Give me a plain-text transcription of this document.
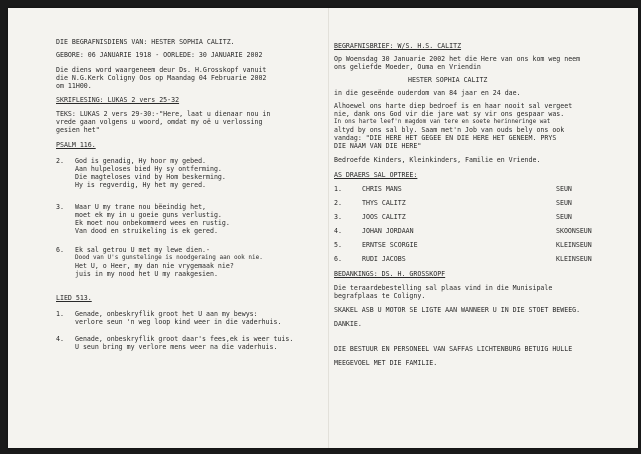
DIE BEGRAFNISDIENS VAN: HESTER SOPHIA CALITZ.
GEBORE: 06 JANUARIE 1918 - OORLEDE: 30 JANUARIE 2002
Die diens word waargeneem deur Ds. H.Grosskopf vanuit
die N.G.Kerk Coligny Oos op Maandag 04 Februarie 2002
om 11H00.
SKRIFLESING: LUKAS 2 vers 25-32
TEKS: LUKAS 2 vers 29-30:-"Here, laat u dienaar nou in
vrede gaan volgens u woord, omdat my oë u verlossing
gesien het"
PSALM 116.
2. God is genadig, Hy hoor my gebed.
Aan hulpeloses bied Hy sy ontferming.
Die magteloses vind by Hom beskerming.
Hy is regverdig, Hy het my gered.
3. Waar U my trane nou bëeindig het,
moet ek my in u goeie guns verlustig.
Ek moet nou onbekommerd wees en rustig.
Van dood en struikeling is ek gered.
6. Ek sal getrou U met my lewe dien.-
Dood van U's gunstelinge is noodgeraing aan ook nie.
Het U, o Heer, my dan nie vrygemaak nie?
juis in my nood het U my raakgesien.
LIED 513.
1. Genade, onbeskryflik groot het U aan my bewys:
verlore seun 'n weg loop kind weer in die vaderhuis.
4. Genade, onbeskryflik groot daar's fees,ek is weer tuis.
U seun bring my verlore mens weer na die vaderhuis.
BEGRAFNISBRIEF: W/S. H.S. CALITZ
Op Woensdag 30 Januarie 2002 het die Here van ons kom weg neem
ons geliefde Moeder, Ouma en Vriendin
HESTER SOPHIA CALITZ
in die geseënde ouderdom van 84 jaar en 24 dae.
Alhoewel ons harte diep bedroef is en haar nooit sal vergeet
nie, dank ons God vir die jare wat sy vir ons gespaar was.
In ons harte leef'n magdom van tere en soete herinneringe wat
altyd by ons sal bly. Saam met'n Job van ouds bely ons ook
vandag: "DIE HERE HET GEGEE EN DIE HERE HET GENEEM. PRYS
DIE NAAM VAN DIE HERE"
Bedroefde Kinders, Kleinkinders, Familie en Vriende.
AS DRAERS SAL OPTREE:
1.	CHRIS MANS	SEUN
2.	THYS CALITZ	SEUN
3.	JOOS CALITZ	SEUN
4.	JOHAN JORDAAN	SKOONSEUN
5.	ERNTSE SCORGIE	KLEINSEUN
6.	RUDI JACOBS	KLEINSEUN
BEDANKINGS: DS. H. GROSSKOPF
Die teraardebestelling sal plaas vind in die Munisipale
begrafplaas te Coligny.
SKAKEL ASB U MOTOR SE LIGTE AAN WANNEER U IN DIE STOET BEWEEG.
DANKIE.
DIE BESTUUR EN PERSONEEL VAN SAFFAS LICHTENBURG BETUIG HULLE
MEEGEVOEL MET DIE FAMILIE.
